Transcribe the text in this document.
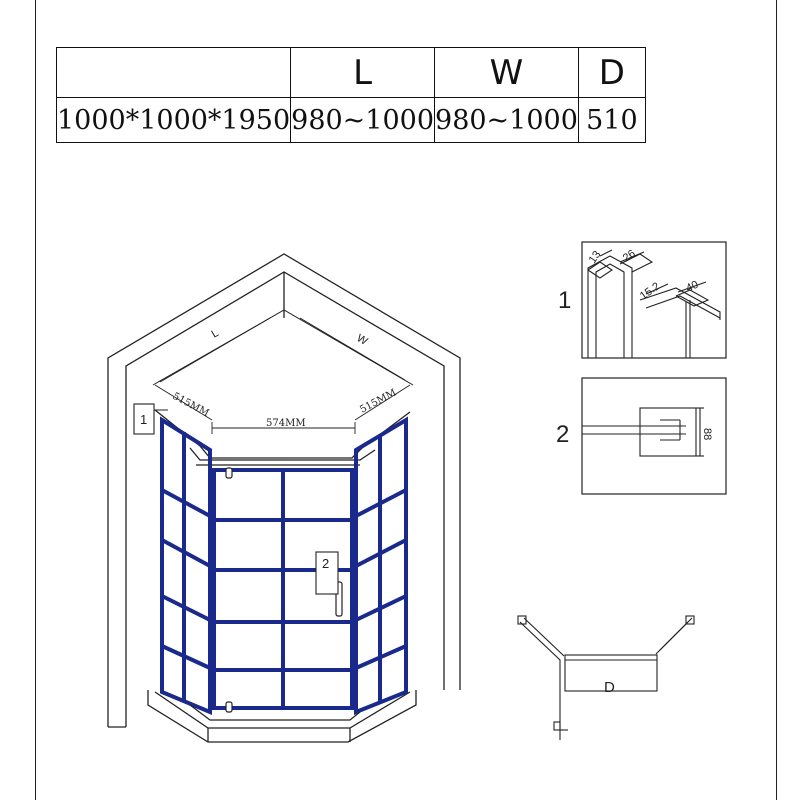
	L	W	D
1000*1000*1950	980~1000	980~1000	510
1
2
L	W
515MM
574MM
515MM
1
13 26
15.2 40
2	88
D
